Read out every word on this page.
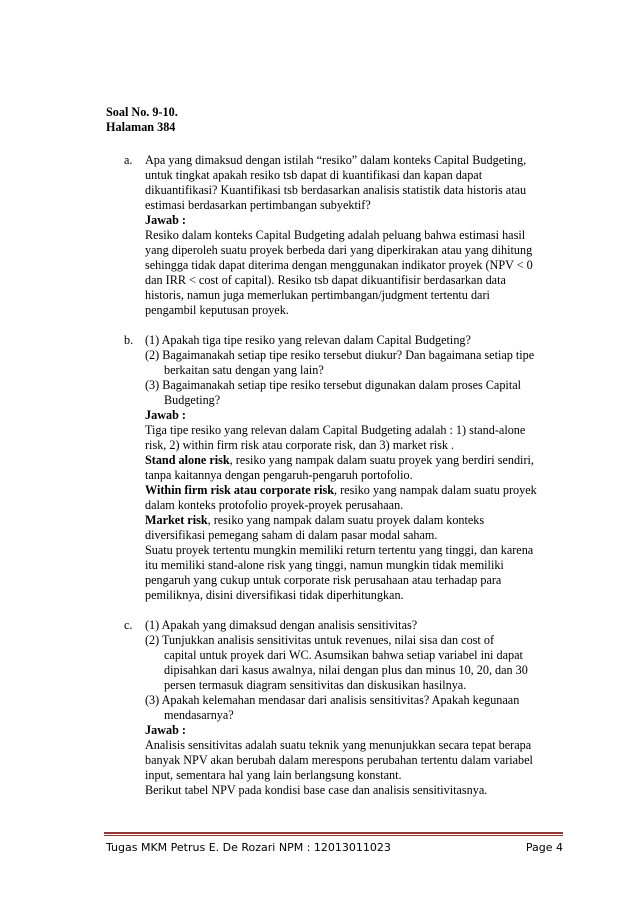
Soal No. 9-10.
Halaman 384
a. Apa yang dimaksud dengan istilah “resiko” dalam konteks Capital Budgeting,
untuk tingkat apakah resiko tsb dapat di kuantifikasi dan kapan dapat
dikuantifikasi? Kuantifikasi tsb berdasarkan analisis statistik data historis atau
estimasi berdasarkan pertimbangan subyektif?
Jawab :
Resiko dalam konteks Capital Budgeting adalah peluang bahwa estimasi hasil
yang diperoleh suatu proyek berbeda dari yang diperkirakan atau yang dihitung
sehingga tidak dapat diterima dengan menggunakan indikator proyek (NPV < 0
dan IRR < cost of capital). Resiko tsb dapat dikuantifisir berdasarkan data
historis, namun juga memerlukan pertimbangan/judgment tertentu dari
pengambil keputusan proyek.
b. (1) Apakah tiga tipe resiko yang relevan dalam Capital Budgeting?
(2) Bagaimanakah setiap tipe resiko tersebut diukur? Dan bagaimana setiap tipe
berkaitan satu dengan yang lain?
(3) Bagaimanakah setiap tipe resiko tersebut digunakan dalam proses Capital
Budgeting?
Jawab :
Tiga tipe resiko yang relevan dalam Capital Budgeting adalah : 1) stand-alone
risk, 2) within firm risk atau corporate risk, dan 3) market risk .
Stand alone risk, resiko yang nampak dalam suatu proyek yang berdiri sendiri,
tanpa kaitannya dengan pengaruh-pengaruh portofolio.
Within firm risk atau corporate risk, resiko yang nampak dalam suatu proyek
dalam konteks protofolio proyek-proyek perusahaan.
Market risk, resiko yang nampak dalam suatu proyek dalam konteks
diversifikasi pemegang saham di dalam pasar modal saham.
Suatu proyek tertentu mungkin memiliki return tertentu yang tinggi, dan karena
itu memiliki stand-alone risk yang tinggi, namun mungkin tidak memiliki
pengaruh yang cukup untuk corporate risk perusahaan atau terhadap para
pemiliknya, disini diversifikasi tidak diperhitungkan.
c. (1) Apakah yang dimaksud dengan analisis sensitivitas?
(2) Tunjukkan analisis sensitivitas untuk revenues, nilai sisa dan cost of
capital untuk proyek dari WC. Asumsikan bahwa setiap variabel ini dapat
dipisahkan dari kasus awalnya, nilai dengan plus dan minus 10, 20, dan 30
persen termasuk diagram sensitivitas dan diskusikan hasilnya.
(3) Apakah kelemahan mendasar dari analisis sensitivitas? Apakah kegunaan
mendasarnya?
Jawab :
Analisis sensitivitas adalah suatu teknik yang menunjukkan secara tepat berapa
banyak NPV akan berubah dalam merespons perubahan tertentu dalam variabel
input, sementara hal yang lain berlangsung konstant.
Berikut tabel NPV pada kondisi base case dan analisis sensitivitasnya.
Tugas MKM Petrus E. De Rozari NPM : 12013011023	Page 4
